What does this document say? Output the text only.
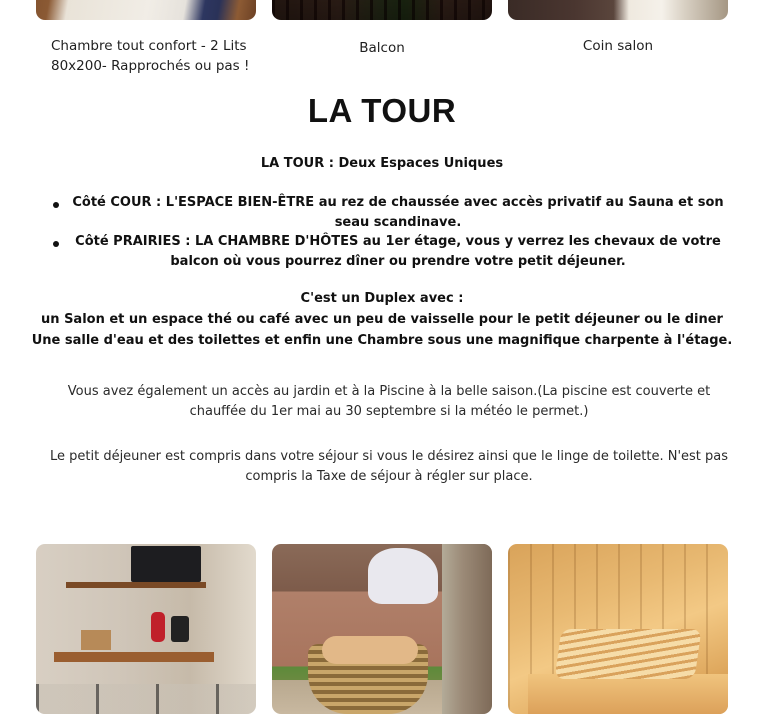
Chambre tout confort - 2 Lits 80x200- Rapprochés ou pas !
Balcon	Coin salon
LA TOUR
LA TOUR : Deux Espaces Uniques
Côté COUR : L'ESPACE BIEN-ÊTRE au rez de chaussée avec accès privatif au Sauna et son seau scandinave.
Côté PRAIRIES : LA CHAMBRE D'HÔTES au 1er étage, vous y verrez les chevaux de votre balcon où vous pourrez dîner ou prendre votre petit déjeuner.
C'est un Duplex avec :
un Salon et un espace thé ou café avec un peu de vaisselle pour le petit déjeuner ou le diner
Une salle d'eau et des toilettes et enfin une Chambre sous une magnifique charpente à l'étage.
Vous avez également un accès au jardin et à la Piscine à la belle saison.(La piscine est couverte et chauffée du 1er mai au 30 septembre si la météo le permet.)
Le petit déjeuner est compris dans votre séjour si vous le désirez ainsi que le linge de toilette. N'est pas compris la Taxe de séjour à régler sur place.
